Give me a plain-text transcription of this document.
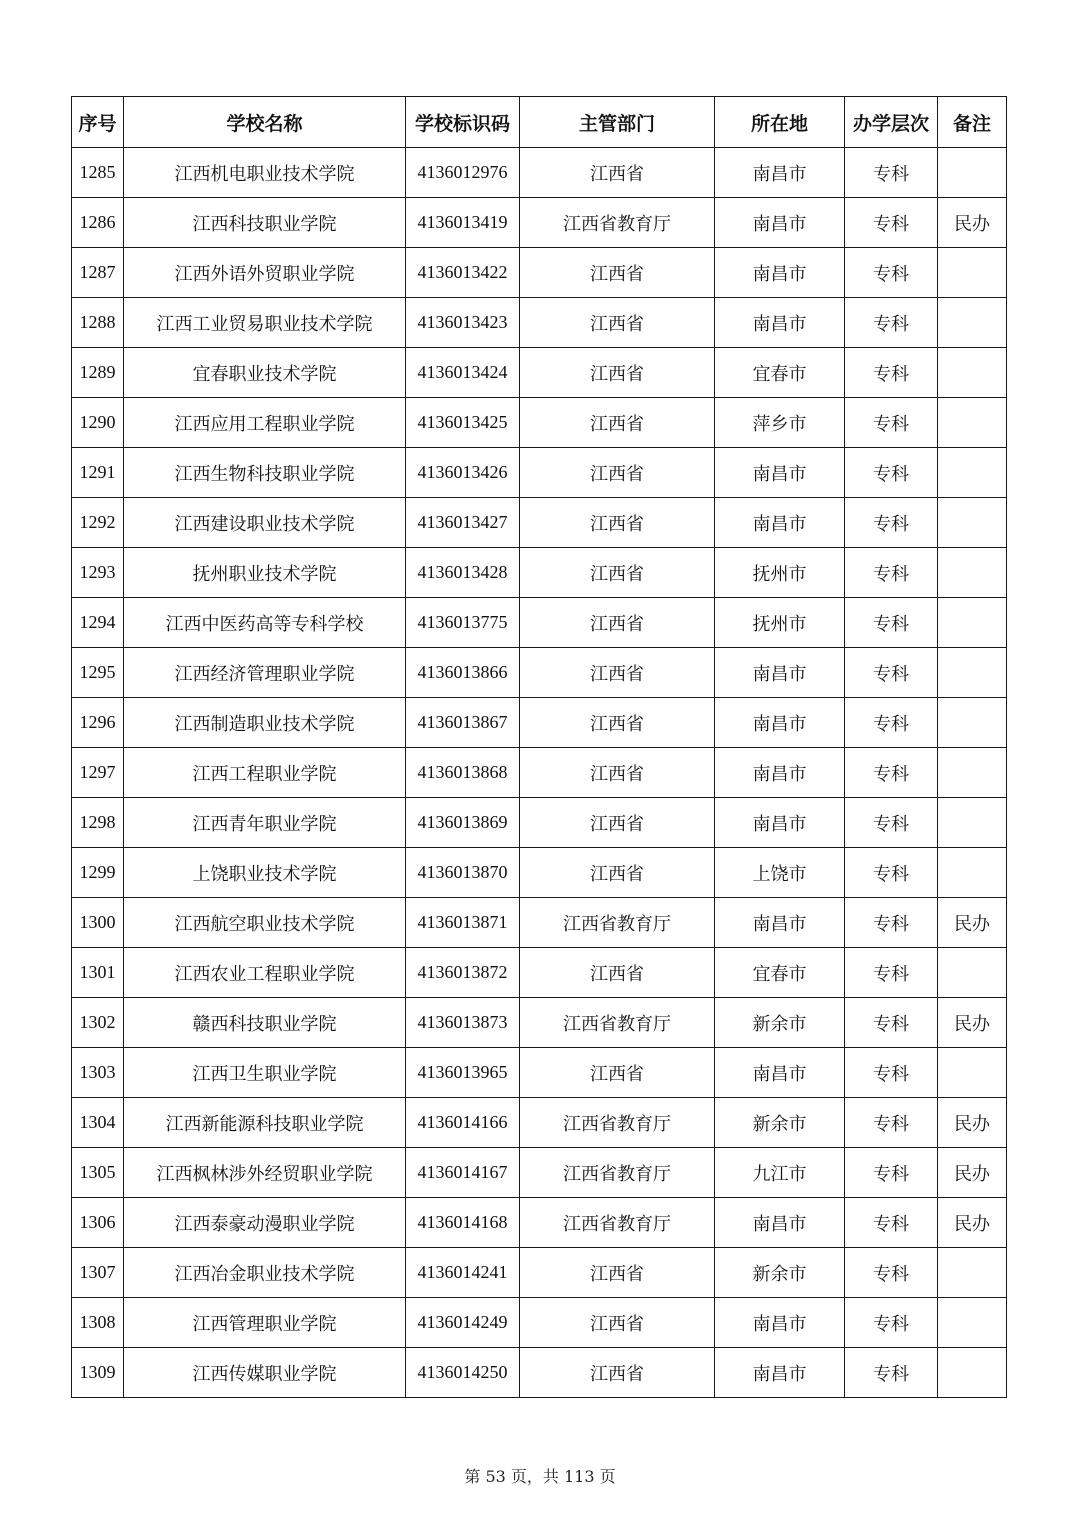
序号	学校名称	学校标识码	主管部门	所在地	办学层次	备注
1285	江西机电职业技术学院	4136012976	江西省	南昌市	专科	
1286	江西科技职业学院	4136013419	江西省教育厅	南昌市	专科	民办
1287	江西外语外贸职业学院	4136013422	江西省	南昌市	专科	
1288	江西工业贸易职业技术学院	4136013423	江西省	南昌市	专科	
1289	宜春职业技术学院	4136013424	江西省	宜春市	专科	
1290	江西应用工程职业学院	4136013425	江西省	萍乡市	专科	
1291	江西生物科技职业学院	4136013426	江西省	南昌市	专科	
1292	江西建设职业技术学院	4136013427	江西省	南昌市	专科	
1293	抚州职业技术学院	4136013428	江西省	抚州市	专科	
1294	江西中医药高等专科学校	4136013775	江西省	抚州市	专科	
1295	江西经济管理职业学院	4136013866	江西省	南昌市	专科	
1296	江西制造职业技术学院	4136013867	江西省	南昌市	专科	
1297	江西工程职业学院	4136013868	江西省	南昌市	专科	
1298	江西青年职业学院	4136013869	江西省	南昌市	专科	
1299	上饶职业技术学院	4136013870	江西省	上饶市	专科	
1300	江西航空职业技术学院	4136013871	江西省教育厅	南昌市	专科	民办
1301	江西农业工程职业学院	4136013872	江西省	宜春市	专科	
1302	赣西科技职业学院	4136013873	江西省教育厅	新余市	专科	民办
1303	江西卫生职业学院	4136013965	江西省	南昌市	专科	
1304	江西新能源科技职业学院	4136014166	江西省教育厅	新余市	专科	民办
1305	江西枫林涉外经贸职业学院	4136014167	江西省教育厅	九江市	专科	民办
1306	江西泰豪动漫职业学院	4136014168	江西省教育厅	南昌市	专科	民办
1307	江西冶金职业技术学院	4136014241	江西省	新余市	专科	
1308	江西管理职业学院	4136014249	江西省	南昌市	专科	
1309	江西传媒职业学院	4136014250	江西省	南昌市	专科	
第 53 页，共 113 页
